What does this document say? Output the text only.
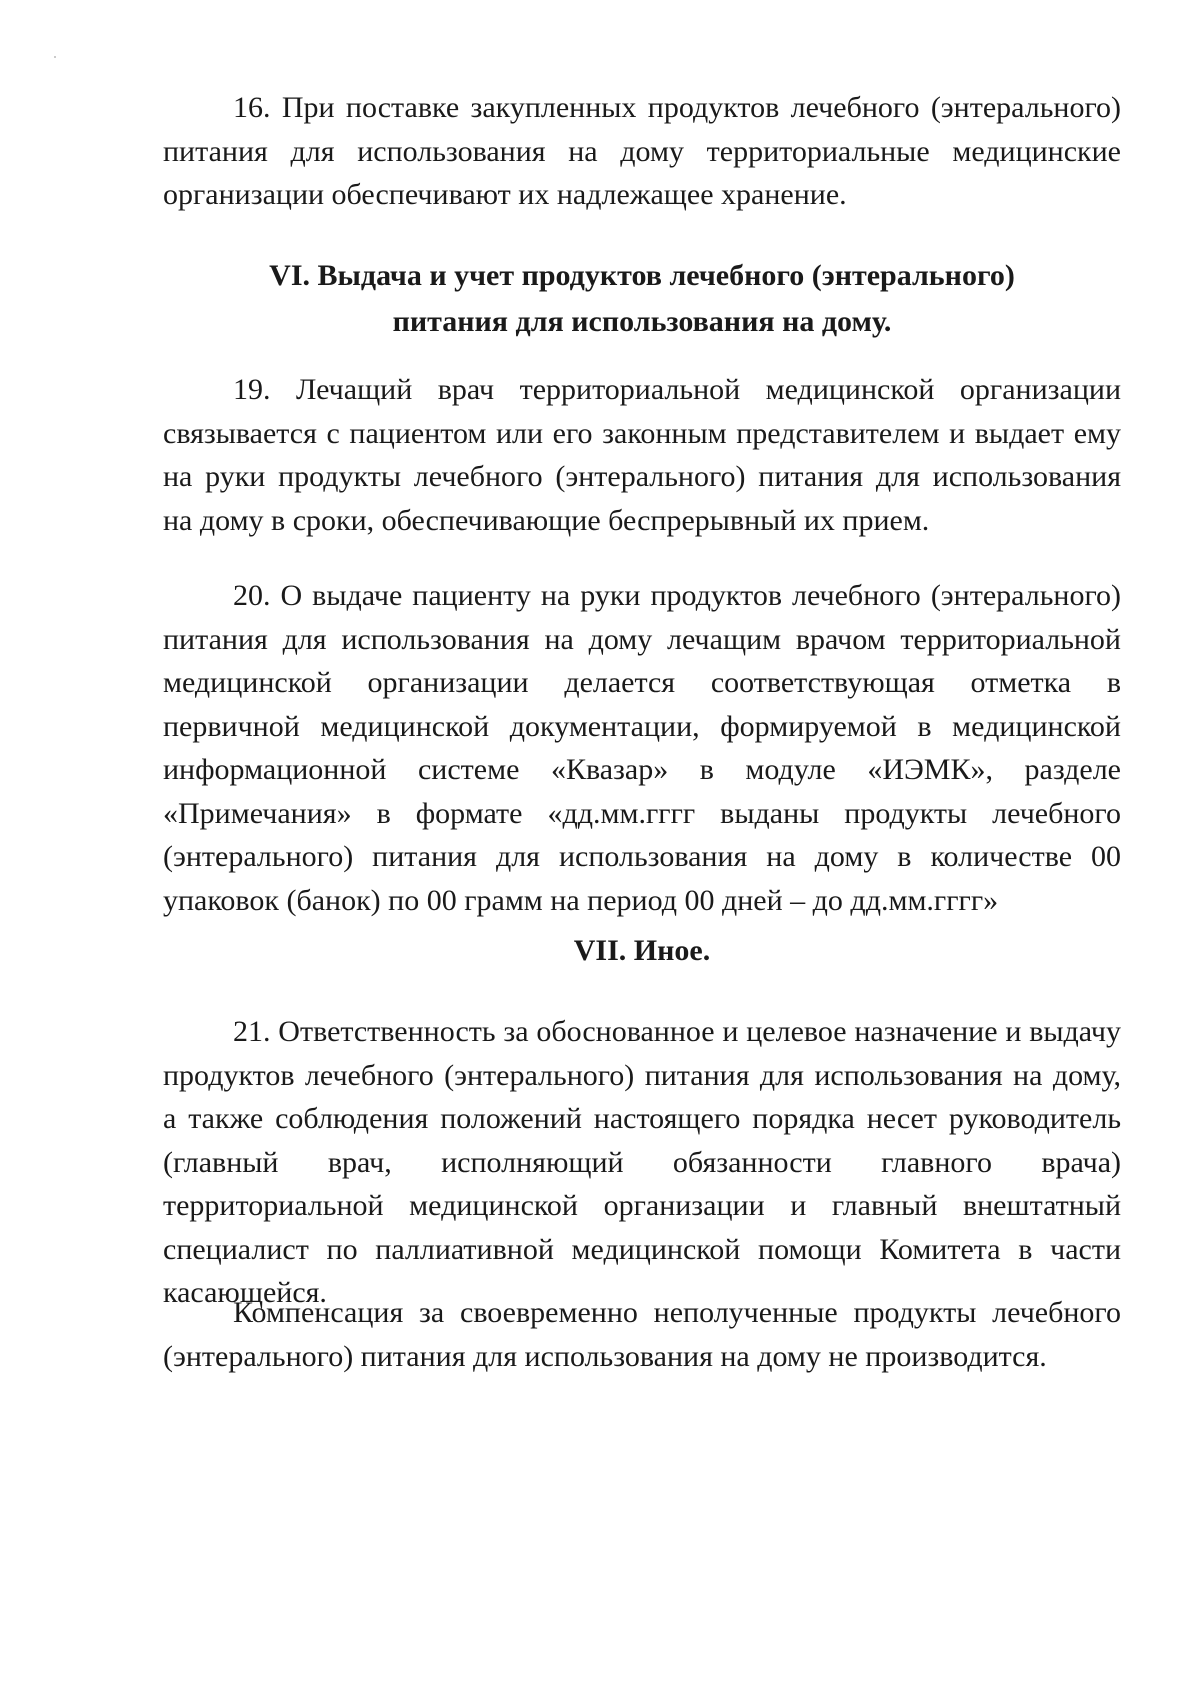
16. При поставке закупленных продуктов лечебного (энтерального) питания для использования на дому территориальные медицинские организации обеспечивают их надлежащее хранение.

VI. Выдача и учет продуктов лечебного (энтерального)
питания для использования на дому.

19. Лечащий врач территориальной медицинской организации связывается с пациентом или его законным представителем и выдает ему на руки продукты лечебного (энтерального) питания для использования на дому в сроки, обеспечивающие беспрерывный их прием.

20. О выдаче пациенту на руки продуктов лечебного (энтерального) питания для использования на дому лечащим врачом территориальной медицинской организации делается соответствующая отметка в первичной медицинской документации, формируемой в медицинской информационной системе «Квазар» в модуле «ИЭМК», разделе «Примечания» в формате «дд.мм.гггг выданы продукты лечебного (энтерального) питания для использования на дому в количестве 00 упаковок (банок) по 00 грамм на период 00 дней – до дд.мм.гггг»

VII. Иное.

21. Ответственность за обоснованное и целевое назначение и выдачу продуктов лечебного (энтерального) питания для использования на дому, а также соблюдения положений настоящего порядка несет руководитель (главный врач, исполняющий обязанности главного врача) территориальной медицинской организации и главный внештатный специалист по паллиативной медицинской помощи Комитета в части касающейся.

Компенсация за своевременно неполученные продукты лечебного (энтерального) питания для использования на дому не производится.
